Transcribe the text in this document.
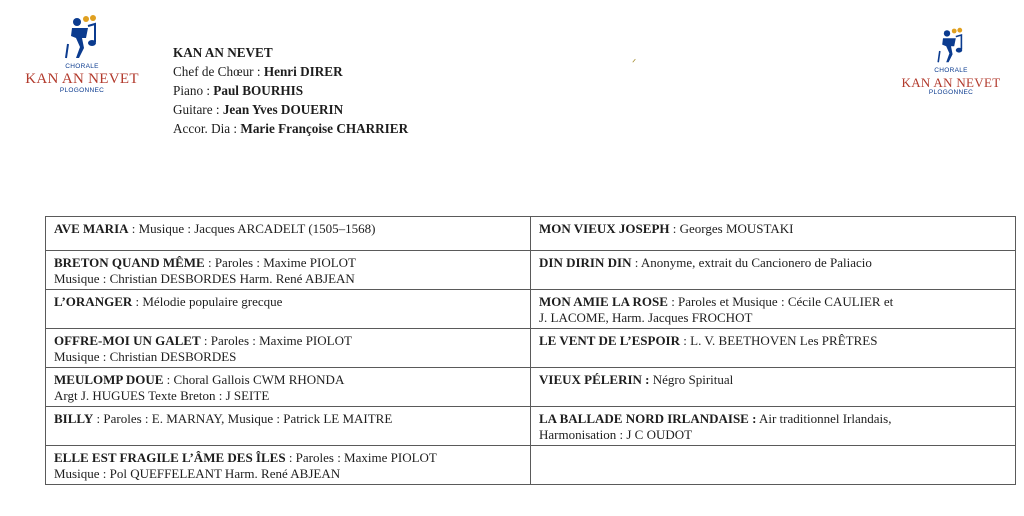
CHORALE
KAN AN NEVET
PLOGONNEC
CHORALE
KAN AN NEVET
PLOGONNEC
ᐟ
KAN AN NEVET
Chef de Chœur : Henri DIRER
Piano : Paul BOURHIS
Guitare : Jean Yves DOUERIN
Accor. Dia : Marie Françoise CHARRIER
AVE MARIA : Musique : Jacques ARCADELT (1505–1568)	MON VIEUX JOSEPH : Georges MOUSTAKI

BRETON QUAND MÊME : Paroles : Maxime PIOLOT
Musique : Christian DESBORDES Harm. René ABJEAN	DIN DIRIN DIN : Anonyme, extrait du Cancionero de Paliacio

L’ORANGER : Mélodie populaire grecque	MON AMIE LA ROSE : Paroles et Musique : Cécile CAULIER et
J. LACOME, Harm. Jacques FROCHOT

OFFRE-MOI UN GALET : Paroles : Maxime PIOLOT
Musique : Christian DESBORDES	LE VENT DE L’ESPOIR : L. V. BEETHOVEN Les PRÊTRES

MEULOMP DOUE : Choral Gallois CWM RHONDA
Argt J. HUGUES Texte Breton : J SEITE	VIEUX PÉLERIN : Négro Spiritual

BILLY : Paroles : E. MARNAY, Musique : Patrick LE MAITRE	LA BALLADE NORD IRLANDAISE : Air traditionnel Irlandais,
Harmonisation : J C OUDOT

ELLE EST FRAGILE L’ÂME DES ÎLES : Paroles : Maxime PIOLOT
Musique : Pol QUEFFELEANT Harm. René ABJEAN	
